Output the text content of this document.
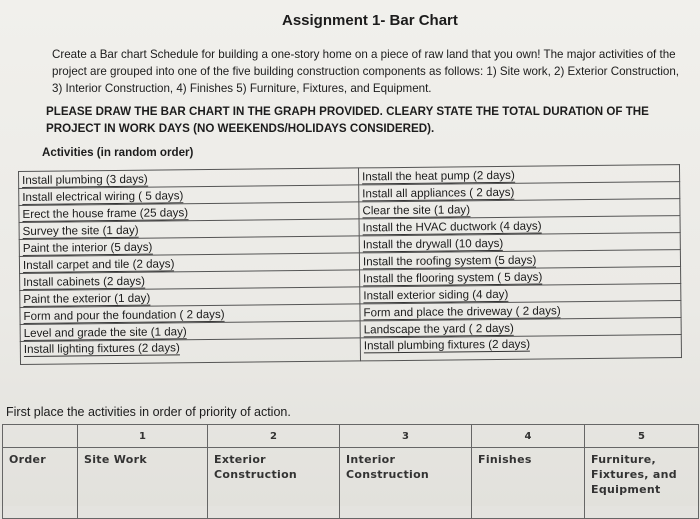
Assignment 1- Bar Chart
Create a Bar chart Schedule for building a one-story home on a piece of raw land that you own! The major activities of the project are grouped into one of the five building construction components as follows: 1) Site work, 2) Exterior Construction, 3) Interior Construction, 4) Finishes 5) Furniture, Fixtures, and Equipment.
PLEASE DRAW THE BAR CHART IN THE GRAPH PROVIDED. CLEARY STATE THE TOTAL DURATION OF THE PROJECT IN WORK DAYS (NO WEEKENDS/HOLIDAYS CONSIDERED).
Activities (in random order)
Install plumbing (3 days)	Install the heat pump (2 days)
Install electrical wiring ( 5 days)	Install all appliances ( 2 days)
Erect the house frame (25 days)	Clear the site (1 day)
Survey the site (1 day)	Install the HVAC ductwork (4 days)
Paint the interior (5 days)	Install the drywall (10 days)
Install carpet and tile (2 days)	Install the roofing system (5 days)
Install cabinets (2 days)	Install the flooring system ( 5 days)
Paint the exterior (1 day)	Install exterior siding (4 day)
Form and pour the foundation ( 2 days)	Form and place the driveway ( 2 days)
Level and grade the site (1 day)	Landscape the yard ( 2 days)
Install lighting fixtures (2 days)	Install plumbing fixtures (2 days)
First place the activities in order of priority of action.
	1	2	3	4	5
Order	Site Work	Exterior Construction	Interior Construction	Finishes	Furniture, Fixtures, and Equipment
